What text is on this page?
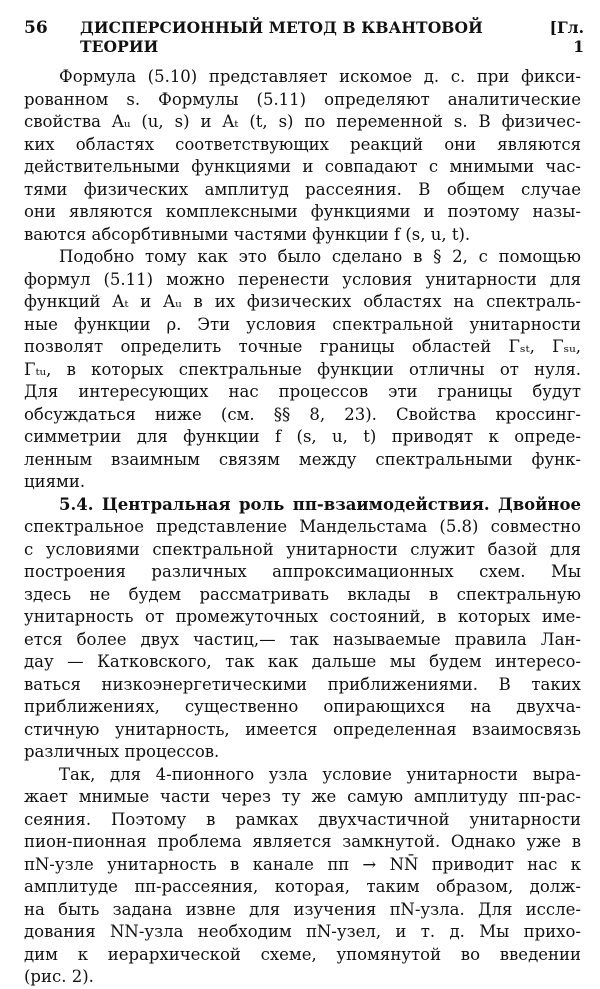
56	ДИСПЕРСИОННЫЙ МЕТОД В КВАНТОВОЙ ТЕОРИИ
[Гл. 1
Формула (5.10) представляет искомое д. с. при фикси-
рованном s. Формулы (5.11) определяют аналитические
свойства Aᵤ (u, s) и Aₜ (t, s) по переменной s. В физичес-
ких областях соответствующих реакций они являются
действительными функциями и совпадают с мнимыми час-
тями физических амплитуд рассеяния. В общем случае
они являются комплексными функциями и поэтому назы-
ваются абсорбтивными частями функции f (s, u, t).
Подобно тому как это было сделано в § 2, с помощью
формул (5.11) можно перенести условия унитарности для
функций Aₜ и Aᵤ в их физических областях на спектраль-
ные функции ρ. Эти условия спектральной унитарности
позволят определить точные границы областей Γₛₜ, Γₛᵤ,
Γₜᵤ, в которых спектральные функции отличны от нуля.
Для интересующих нас процессов эти границы будут
обсуждаться ниже (см. §§ 8, 23). Свойства кроссинг-
симметрии для функции f (s, u, t) приводят к опреде-
ленным взаимным связям между спектральными функ-
циями.
5.4. Центральная роль ππ-взаимодействия. Двойное
спектральное представление Мандельстама (5.8) совместно
с условиями спектральной унитарности служит базой для
построения различных аппроксимационных схем. Мы
здесь не будем рассматривать вклады в спектральную
унитарность от промежуточных состояний, в которых име-
ется более двух частиц,— так называемые правила Лан-
дау — Катковского, так как дальше мы будем интересо-
ваться низкоэнергетическими приближениями. В таких
приближениях, существенно опирающихся на двухча-
стичную унитарность, имеется определенная взаимосвязь
различных процессов.
Так, для 4-пионного узла условие унитарности выра-
жает мнимые части через ту же самую амплитуду ππ-рас-
сеяния. Поэтому в рамках двухчастичной унитарности
пион-пионная проблема является замкнутой. Однако уже в
πN-узле унитарность в канале ππ → NN̄ приводит нас к
амплитуде ππ-рассеяния, которая, таким образом, долж-
на быть задана извне для изучения πN-узла. Для иссле-
дования NN-узла необходим πN-узел, и т. д. Мы прихо-
дим к иерархической схеме, упомянутой во введении
(рис. 2).
